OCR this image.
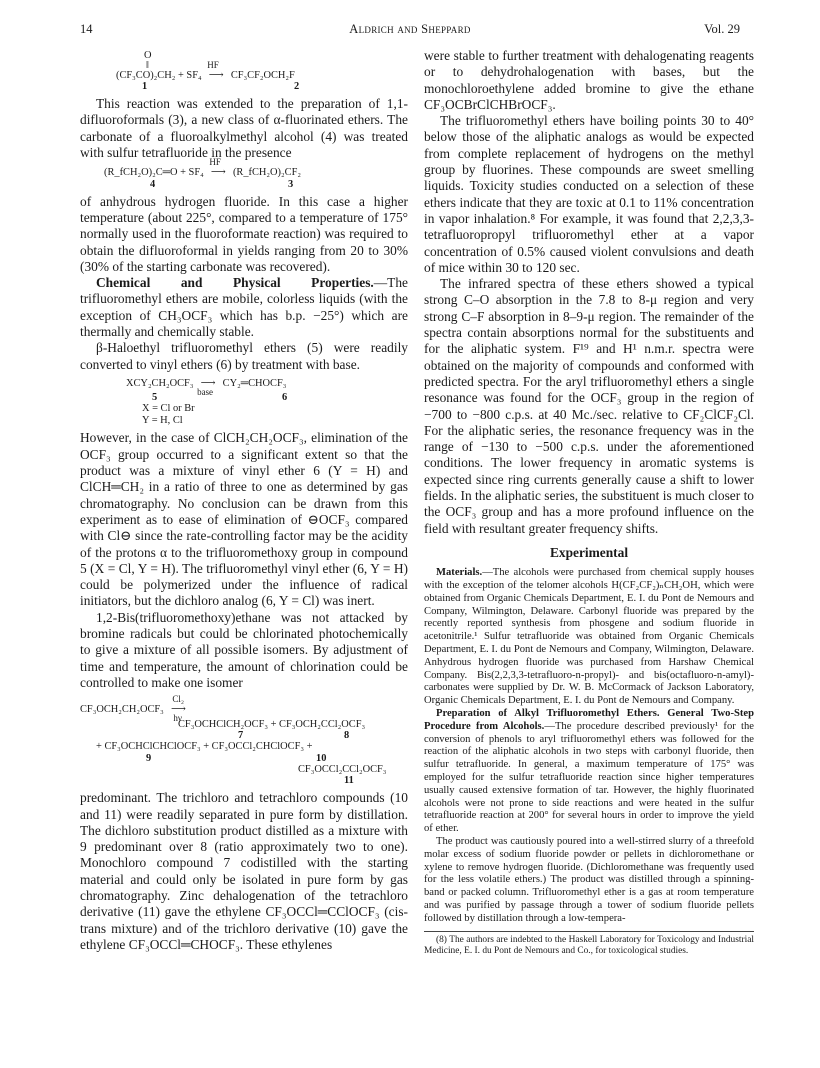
14	Aldrich and Sheppard	Vol. 29
O
‖
(CF₃CO)₂CH₂ + SF₄
HF
⟶ CF₃CF₂OCH₂F
1	2

This reaction was extended to the preparation of 1,1-difluoroformals (3), a new class of α-fluorinated ethers. The carbonate of a fluoroalkylmethyl alcohol (4) was treated with sulfur tetrafluoride in the presence

(R_fCH₂O)₂C═O + SF₄
HF
⟶ (R_fCH₂O)₂CF₂
4	3

of anhydrous hydrogen fluoride. In this case a higher temperature (about 225°, compared to a temperature of 175° normally used in the fluoroformate reaction) was required to obtain the difluoroformal in yields ranging from 20 to 30% (30% of the starting carbonate was recovered).

Chemical and Physical Properties.—The trifluoromethyl ethers are mobile, colorless liquids (with the exception of CH₃OCF₃ which has b.p. −25°) which are thermally and chemically stable.

β-Haloethyl trifluoromethyl ethers (5) were readily converted to vinyl ethers (6) by treatment with base.

XCY₂CH₂OCF₃ ⟶
base
CY₂═CHOCF₃
5	6
X = Cl or Br
Y = H, Cl

However, in the case of ClCH₂CH₂OCF₃, elimination of the OCF₃ group occurred to a significant extent so that the product was a mixture of vinyl ether 6 (Y = H) and ClCH═CH₂ in a ratio of three to one as determined by gas chromatography. No conclusion can be drawn from this experiment as to ease of elimination of ⊖OCF₃ compared with Cl⊖ since the rate-controlling factor may be the acidity of the protons α to the trifluoromethoxy group in compound 5 (X = Cl, Y = H). The trifluoromethyl vinyl ether (6, Y = H) could be polymerized under the influence of radical initiators, but the dichloro analog (6, Y = Cl) was inert.

1,2-Bis(trifluoromethoxy)ethane was not attacked by bromine radicals but could be chlorinated photochemically to give a mixture of all possible isomers. By adjustment of time and temperature, the amount of chlorination could be controlled to make one isomer

CF₃OCH₂CH₂OCF₃
Cl₂
⟶
hν
CF₃OCHClCH₂OCF₃ + CF₃OCH₂CCl₂OCF₃
7	8
+ CF₃OCHClCHClOCF₃ + CF₃OCCl₂CHClOCF₃ +
9	10
CF₃OCCl₂CCl₂OCF₃
11

predominant. The trichloro and tetrachloro compounds (10 and 11) were readily separated in pure form by distillation. The dichloro substitution product distilled as a mixture with 9 predominant over 8 (ratio approximately two to one). Monochloro compound 7 codistilled with the starting material and could only be isolated in pure form by gas chromatography. Zinc dehalogenation of the tetrachloro derivative (11) gave the ethylene CF₃OCCl═CClOCF₃ (cis-trans mixture) and of the trichloro derivative (10) gave the ethylene CF₃OCCl═CHOCF₃. These ethylenes

were stable to further treatment with dehalogenating reagents or to dehydrohalogenation with bases, but the monochloroethylene added bromine to give the ethane CF₃OCBrClCHBrOCF₃.

The trifluoromethyl ethers have boiling points 30 to 40° below those of the aliphatic analogs as would be expected from complete replacement of hydrogens on the methyl group by fluorines. These compounds are sweet smelling liquids. Toxicity studies conducted on a selection of these ethers indicate that they are toxic at 0.1 to 11% concentration in vapor inhalation.⁸ For example, it was found that 2,2,3,3-tetrafluoropropyl trifluoromethyl ether at a vapor concentration of 0.5% caused violent convulsions and death of mice within 30 to 120 sec.

The infrared spectra of these ethers showed a typical strong C–O absorption in the 7.8 to 8-μ region and very strong C–F absorption in 8–9-μ region. The remainder of the spectra contain absorptions normal for the substituents and for the aliphatic system. F¹⁹ and H¹ n.m.r. spectra were obtained on the majority of compounds and conformed with predicted spectra. For the aryl trifluoromethyl ethers a single resonance was found for the OCF₃ group in the region of −700 to −800 c.p.s. at 40 Mc./sec. relative to CF₂ClCF₂Cl. For the aliphatic series, the resonance frequency was in the range of −130 to −500 c.p.s. under the aforementioned conditions. The lower frequency in aromatic systems is expected since ring currents generally cause a shift to lower fields. In the aliphatic series, the substituent is much closer to the OCF₃ group and has a more profound influence on the field with resultant greater frequency shifts.

Experimental

Materials.—The alcohols were purchased from chemical supply houses with the exception of the telomer alcohols H(CF₂CF₂)ₙCH₂OH, which were obtained from Organic Chemicals Department, E. I. du Pont de Nemours and Company, Wilmington, Delaware. Carbonyl fluoride was prepared by the recently reported synthesis from phosgene and sodium fluoride in acetonitrile.¹ Sulfur tetrafluoride was obtained from Organic Chemicals Department, E. I. du Pont de Nemours and Company, Wilmington, Delaware. Anhydrous hydrogen fluoride was purchased from Harshaw Chemical Company. Bis(2,2,3,3-tetrafluoro-n-propyl)- and bis(octafluoro-n-amyl)-carbonates were supplied by Dr. W. B. McCormack of Jackson Laboratory, Organic Chemicals Department, E. I. du Pont de Nemours and Company.

Preparation of Alkyl Trifluoromethyl Ethers. General Two-Step Procedure from Alcohols.—The procedure described previously¹ for the conversion of phenols to aryl trifluoromethyl ethers was followed for the reaction of the aliphatic alcohols in two steps with carbonyl fluoride, then sulfur tetrafluoride. In general, a maximum temperature of 175° was employed for the sulfur tetrafluoride reaction since higher temperatures usually caused extensive formation of tar. However, the highly fluorinated alcohols were not prone to side reactions and were heated in the sulfur tetrafluoride reaction at 200° for several hours in order to improve the yield of ether.

The product was cautiously poured into a well-stirred slurry of a threefold molar excess of sodium fluoride powder or pellets in dichloromethane or xylene to remove hydrogen fluoride. (Dichloromethane was frequently used for the less volatile ethers.) The product was distilled through a spinning-band or packed column. Trifluoromethyl ether is a gas at room temperature and was purified by passage through a tower of sodium fluoride pellets followed by distillation through a low-tempera-

(8) The authors are indebted to the Haskell Laboratory for Toxicology and Industrial Medicine, E. I. du Pont de Nemours and Co., for toxicological studies.
